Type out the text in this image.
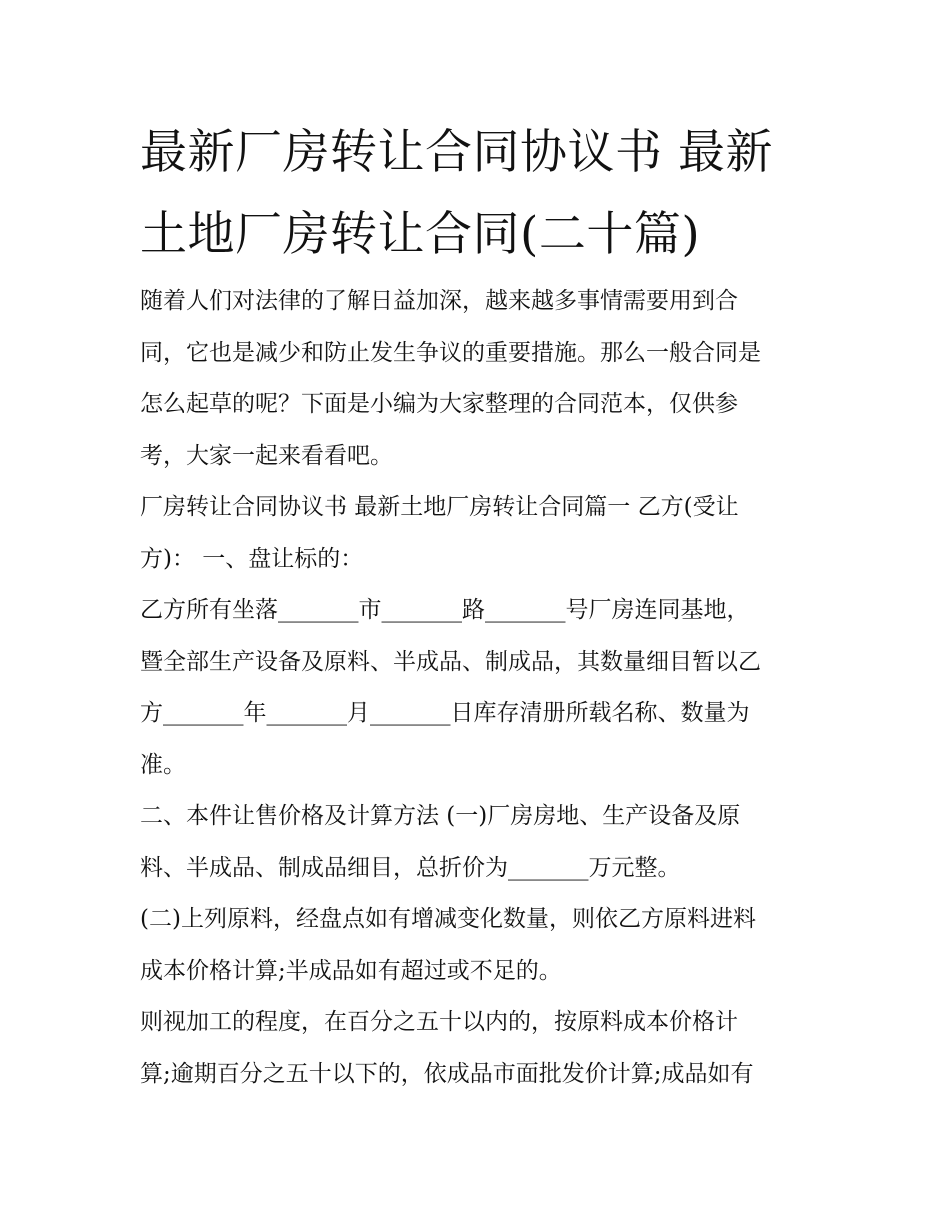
最新厂房转让合同协议书 最新
土地厂房转让合同(二十篇)
随着人们对法律的了解日益加深，越来越多事情需要用到合
同，它也是减少和防止发生争议的重要措施。那么一般合同是
怎么起草的呢？下面是小编为大家整理的合同范本，仅供参
考，大家一起来看看吧。
厂房转让合同协议书 最新土地厂房转让合同篇一 乙方(受让
方)： 一、盘让标的：
乙方所有坐落_______市_______路_______号厂房连同基地，
暨全部生产设备及原料、半成品、制成品，其数量细目暂以乙
方_______年_______月_______日库存清册所载名称、数量为
准。
二、本件让售价格及计算方法 (一)厂房房地、生产设备及原
料、半成品、制成品细目，总折价为_______万元整。
(二)上列原料，经盘点如有增减变化数量，则依乙方原料进料
成本价格计算;半成品如有超过或不足的。
则视加工的程度，在百分之五十以内的，按原料成本价格计
算;逾期百分之五十以下的，依成品市面批发价计算;成品如有
